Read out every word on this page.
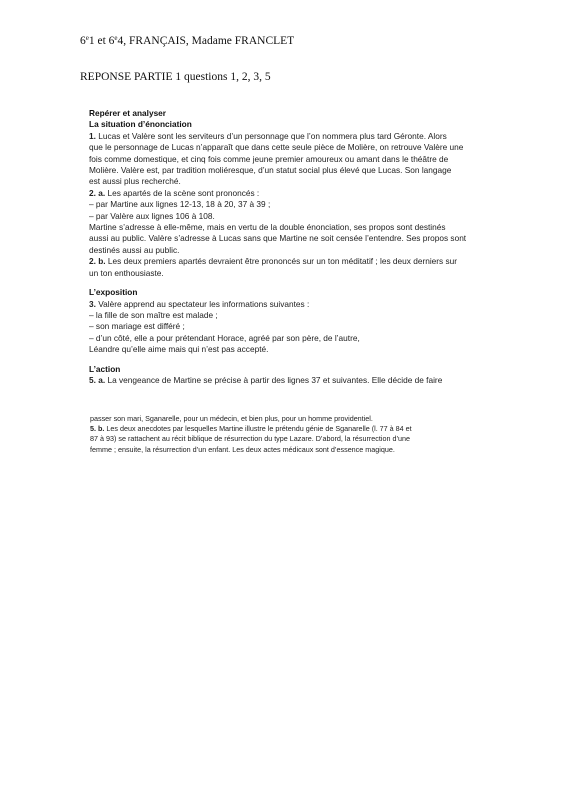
6e1 et 6e4, FRANÇAIS, Madame FRANCLET
REPONSE PARTIE 1 questions 1, 2, 3, 5

Repérer et analyser

La situation d’énonciation

1. Lucas et Valère sont les serviteurs d’un personnage que l’on nommera plus tard Géronte. Alors

que le personnage de Lucas n’apparaît que dans cette seule pièce de Molière, on retrouve Valère une

fois comme domestique, et cinq fois comme jeune premier amoureux ou amant dans le théâtre de

Molière. Valère est, par tradition moliéresque, d’un statut social plus élevé que Lucas. Son langage

est aussi plus recherché.

2. a. Les apartés de la scène sont prononcés :

– par Martine aux lignes 12-13, 18 à 20, 37 à 39 ;

– par Valère aux lignes 106 à 108.

Martine s’adresse à elle-même, mais en vertu de la double énonciation, ses propos sont destinés

aussi au public. Valère s’adresse à Lucas sans que Martine ne soit censée l’entendre. Ses propos sont

destinés aussi au public.

2. b. Les deux premiers apartés devraient être prononcés sur un ton méditatif ; les deux derniers sur

un ton enthousiaste.

L’exposition

3. Valère apprend au spectateur les informations suivantes :

– la fille de son maître est malade ;

– son mariage est différé ;

– d’un côté, elle a pour prétendant Horace, agréé par son père, de l’autre,

Léandre qu’elle aime mais qui n’est pas accepté.

L’action

5. a. La vengeance de Martine se précise à partir des lignes 37 et suivantes. Elle décide de faire

passer son mari, Sganarelle, pour un médecin, et bien plus, pour un homme providentiel.

5. b. Les deux anecdotes par lesquelles Martine illustre le prétendu génie de Sganarelle (l. 77 à 84 et

87 à 93) se rattachent au récit biblique de résurrection du type Lazare. D’abord, la résurrection d’une

femme ; ensuite, la résurrection d’un enfant. Les deux actes médicaux sont d’essence magique.
